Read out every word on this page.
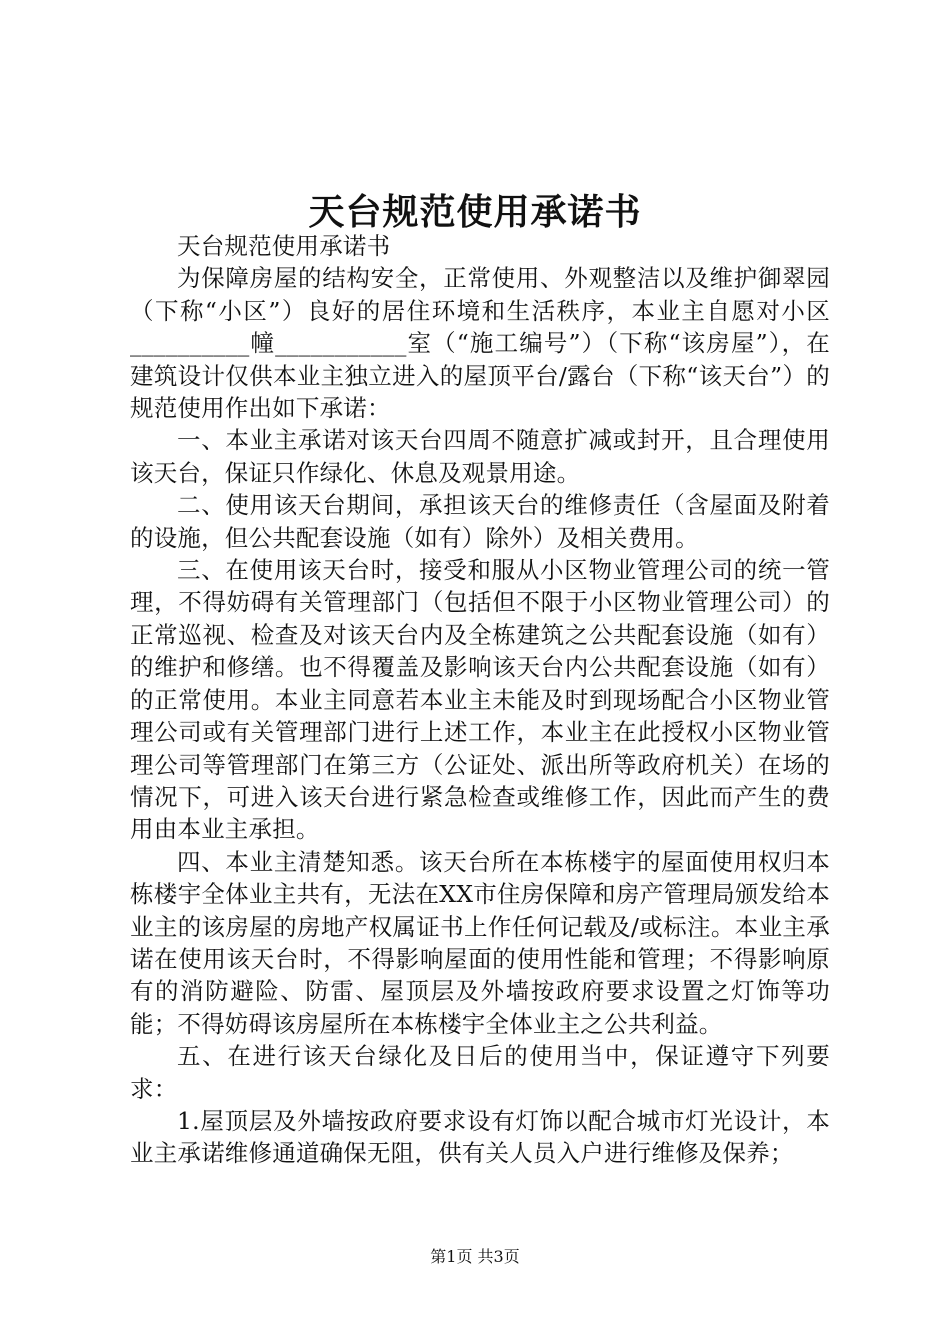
天台规范使用承诺书

天台规范使用承诺书

为保障房屋的结构安全，正常使用、外观整洁以及维护御翠园（下称“小区”）良好的居住环境和生活秩序，本业主自愿对小区__________幢___________室（“施工编号”）（下称“该房屋”），在建筑设计仅供本业主独立进入的屋顶平台/露台（下称“该天台”）的规范使用作出如下承诺：

一、本业主承诺对该天台四周不随意扩减或封开，且合理使用该天台，保证只作绿化、休息及观景用途。

二、使用该天台期间，承担该天台的维修责任（含屋面及附着的设施，但公共配套设施（如有）除外）及相关费用。

三、在使用该天台时，接受和服从小区物业管理公司的统一管理，不得妨碍有关管理部门（包括但不限于小区物业管理公司）的正常巡视、检查及对该天台内及全栋建筑之公共配套设施（如有）的维护和修缮。也不得覆盖及影响该天台内公共配套设施（如有）的正常使用。本业主同意若本业主未能及时到现场配合小区物业管理公司或有关管理部门进行上述工作，本业主在此授权小区物业管理公司等管理部门在第三方（公证处、派出所等政府机关）在场的情况下，可进入该天台进行紧急检查或维修工作，因此而产生的费用由本业主承担。

四、本业主清楚知悉。该天台所在本栋楼宇的屋面使用权归本栋楼宇全体业主共有，无法在XX市住房保障和房产管理局颁发给本业主的该房屋的房地产权属证书上作任何记载及/或标注。本业主承诺在使用该天台时，不得影响屋面的使用性能和管理；不得影响原有的消防避险、防雷、屋顶层及外墙按政府要求设置之灯饰等功能；不得妨碍该房屋所在本栋楼宇全体业主之公共利益。

五、在进行该天台绿化及日后的使用当中，保证遵守下列要求：

1.屋顶层及外墙按政府要求设有灯饰以配合城市灯光设计，本业主承诺维修通道确保无阻，供有关人员入户进行维修及保养；

第1页 共3页
